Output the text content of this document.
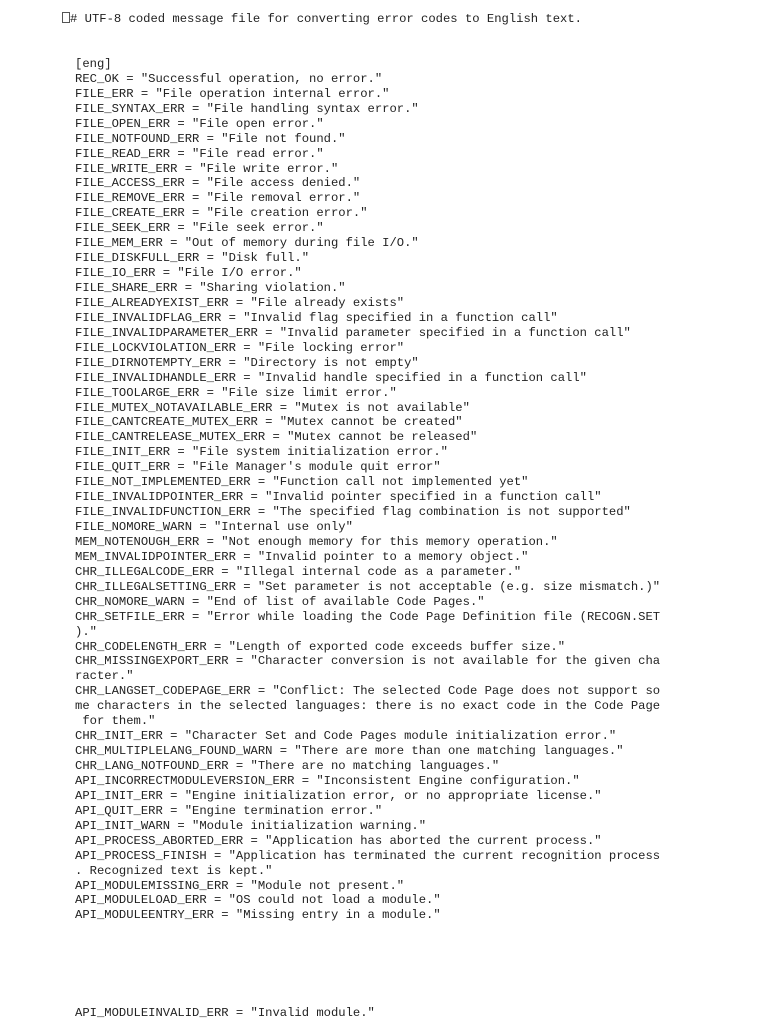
# UTF-8 coded message file for converting error codes to English text.

[eng]
REC_OK = "Successful operation, no error."
FILE_ERR = "File operation internal error."
FILE_SYNTAX_ERR = "File handling syntax error."
FILE_OPEN_ERR = "File open error."
FILE_NOTFOUND_ERR = "File not found."
FILE_READ_ERR = "File read error."
FILE_WRITE_ERR = "File write error."
FILE_ACCESS_ERR = "File access denied."
FILE_REMOVE_ERR = "File removal error."
FILE_CREATE_ERR = "File creation error."
FILE_SEEK_ERR = "File seek error."
FILE_MEM_ERR = "Out of memory during file I/O."
FILE_DISKFULL_ERR = "Disk full."
FILE_IO_ERR = "File I/O error."
FILE_SHARE_ERR = "Sharing violation."
FILE_ALREADYEXIST_ERR = "File already exists"
FILE_INVALIDFLAG_ERR = "Invalid flag specified in a function call"
FILE_INVALIDPARAMETER_ERR = "Invalid parameter specified in a function call"
FILE_LOCKVIOLATION_ERR = "File locking error"
FILE_DIRNOTEMPTY_ERR = "Directory is not empty"
FILE_INVALIDHANDLE_ERR = "Invalid handle specified in a function call"
FILE_TOOLARGE_ERR = "File size limit error."
FILE_MUTEX_NOTAVAILABLE_ERR = "Mutex is not available"
FILE_CANTCREATE_MUTEX_ERR = "Mutex cannot be created"
FILE_CANTRELEASE_MUTEX_ERR = "Mutex cannot be released"
FILE_INIT_ERR = "File system initialization error."
FILE_QUIT_ERR = "File Manager's module quit error"
FILE_NOT_IMPLEMENTED_ERR = "Function call not implemented yet"
FILE_INVALIDPOINTER_ERR = "Invalid pointer specified in a function call"
FILE_INVALIDFUNCTION_ERR = "The specified flag combination is not supported"
FILE_NOMORE_WARN = "Internal use only"
MEM_NOTENOUGH_ERR = "Not enough memory for this memory operation."
MEM_INVALIDPOINTER_ERR = "Invalid pointer to a memory object."
CHR_ILLEGALCODE_ERR = "Illegal internal code as a parameter."
CHR_ILLEGALSETTING_ERR = "Set parameter is not acceptable (e.g. size mismatch.)"
CHR_NOMORE_WARN = "End of list of available Code Pages."
CHR_SETFILE_ERR = "Error while loading the Code Page Definition file (RECOGN.SET
)."
CHR_CODELENGTH_ERR = "Length of exported code exceeds buffer size."
CHR_MISSINGEXPORT_ERR = "Character conversion is not available for the given cha
racter."
CHR_LANGSET_CODEPAGE_ERR = "Conflict: The selected Code Page does not support so
me characters in the selected languages: there is no exact code in the Code Page
for them."
CHR_INIT_ERR = "Character Set and Code Pages module initialization error."
CHR_MULTIPLELANG_FOUND_WARN = "There are more than one matching languages."
CHR_LANG_NOTFOUND_ERR = "There are no matching languages."
API_INCORRECTMODULEVERSION_ERR = "Inconsistent Engine configuration."
API_INIT_ERR = "Engine initialization error, or no appropriate license."
API_QUIT_ERR = "Engine termination error."
API_INIT_WARN = "Module initialization warning."
API_PROCESS_ABORTED_ERR = "Application has aborted the current process."
API_PROCESS_FINISH = "Application has terminated the current recognition process
. Recognized text is kept."
API_MODULEMISSING_ERR = "Module not present."
API_MODULELOAD_ERR = "OS could not load a module."
API_MODULEENTRY_ERR = "Missing entry in a module."
API_MODULEINVALID_ERR = "Invalid module."
